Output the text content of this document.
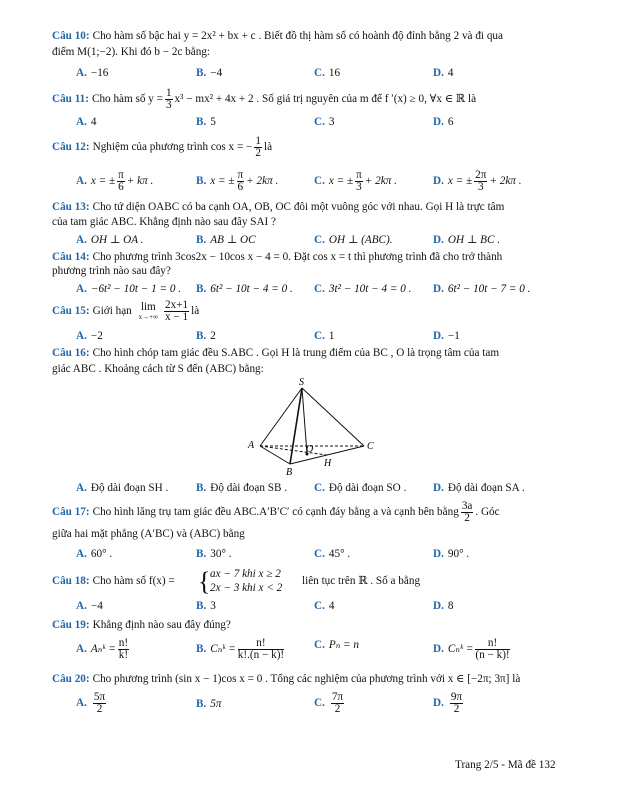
Câu 10: Cho hàm số bậc hai y = 2x² + bx + c . Biết đồ thị hàm số có hoành độ đỉnh bằng 2 và đi qua
điểm M(1;−2). Khi đó b − 2c bằng:
A. −16	B. −4	C. 16	D. 4
Câu 11: Cho hàm số $y = \frac{1}{3} x^3 - mx^2 + 4x + 2$ . Số giá trị nguyên của m để f ′(x) ≥ 0, ∀x ∈ ℝ là
A. 4	B. 5	C. 3	D. 6
Câu 12: Nghiệm của phương trình cos x = − $\frac{1}{2}$ là
A. x = ± $\frac{\pi}{6} + k\pi$ .	B. x = ± $\frac{\pi}{6} + 2k\pi$ .	C. x = ± $\frac{\pi}{3} + 2k\pi$ .	D. x = ± $\frac{2\pi}{3} + 2k\pi$ .
Câu 13: Cho tứ diện OABC có ba cạnh OA, OB, OC đôi một vuông góc với nhau. Gọi H là trực tâm
của tam giác ABC. Khẳng định nào sau đây SAI ?
A. OH ⊥ OA .	B. AB ⊥ OC	C. OH ⊥ (ABC).	D. OH ⊥ BC .
Câu 14: Cho phương trình 3cos2x − 10cos x − 4 = 0. Đặt cos x = t thì phương trình đã cho trở thành
phương trình nào sau đây?
A. −6t² − 10t − 1 = 0 . B. 6t² − 10t − 4 = 0 . C. 3t² − 10t − 4 = 0 . D. 6t² − 10t − 7 = 0 .
Câu 15: Giới hạn lim
$x\to+\infty \frac{2x+1}{x - 1}$ là
A. −2	B. 2	C. 1	D. −1
Câu 16: Cho hình chóp tam giác đều S.ABC . Gọi H là trung điểm của BC , O là trọng tâm của tam
giác ABC . Khoảng cách từ S đến (ABC) bằng:
S
A
B
C
O
H
A. Độ dài đoạn SH . B. Độ dài đoạn SB . C. Độ dài đoạn SO . D. Độ dài đoạn SA .
Câu 17: Cho hình lăng trụ tam giác đều ABC.A′B′C′ có cạnh đáy bằng a và cạnh bên bằng $\frac{3a}{2}$ . Góc
giữa hai mặt phẳng (A′BC) và (ABC) bằng
A. 60° .	B. 30° .	C. 45° .	D. 90° .
Câu 18: Cho hàm số f(x) = { ax − 7 khi x ≥ 2
2x − 3 khi x < 2
liên tục trên ℝ . Số a bằng
A. −4	B. 3	C. 4	D. 8
Câu 19: Khẳng định nào sau đây đúng?
A. Aₙᵏ = $\frac{n!}{k!}$	B. Cₙᵏ = $\frac{n!}{k!.(n - k)!}$	C. Pₙ = n	D. Cₙᵏ = $\frac{n!}{(n - k)!}$
Câu 20: Cho phương trình (sin x − 1)cos x = 0 . Tổng các nghiệm của phương trình với x ∈ [−2π; 3π] là
A. $\frac{5\pi}{2}$	B. 5π	C. $\frac{7\pi}{2}$	D. $\frac{9\pi}{2}$
Trang 2/5 - Mã đề 132
